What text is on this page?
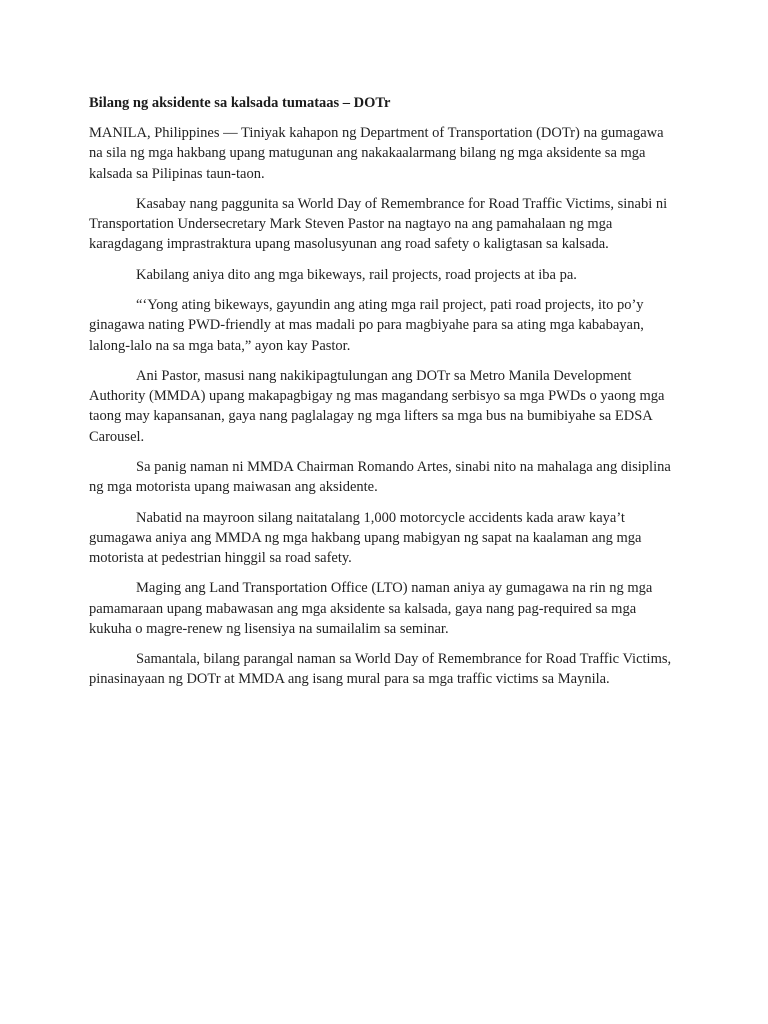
Bilang ng aksidente sa kalsada tumataas – DOTr

MANILA, Philippines — Tiniyak kahapon ng Department of Transportation (DOTr) na gumagawa na sila ng mga hakbang upang matugunan ang nakakaalarmang bilang ng mga aksidente sa mga kalsada sa Pilipinas taun-taon.

Kasabay nang paggunita sa World Day of Remembrance for Road Traffic Victims, sinabi ni Transportation Undersecretary Mark Steven Pastor na nagtayo na ang pamahalaan ng mga karagdagang imprastraktura upang masolusyunan ang road safety o kaligtasan sa kalsada.

Kabilang aniya dito ang mga bikeways, rail projects, road projects at iba pa.

“‘Yong ating bikeways, gayundin ang ating mga rail project, pati road projects, ito po’y ginagawa nating PWD-friendly at mas madali po para magbiyahe para sa ating mga kababayan, lalong-lalo na sa mga bata,” ayon kay Pastor.

Ani Pastor, masusi nang nakikipagtulungan ang DOTr sa Metro Manila Development Authority (MMDA) upang makapagbigay ng mas magandang serbisyo sa mga PWDs o yaong mga taong may kapansanan, gaya nang paglalagay ng mga lifters sa mga bus na bumibiyahe sa EDSA Carousel.

Sa panig naman ni MMDA Chairman Romando Artes, sinabi nito na mahalaga ang disiplina ng mga motorista upang maiwasan ang aksidente.

Nabatid na mayroon silang naitatalang 1,000 motorcycle accidents kada araw kaya’t gumagawa aniya ang MMDA ng mga hakbang upang mabigyan ng sapat na kaalaman ang mga motorista at pedestrian hinggil sa road safety.

Maging ang Land Transportation Office (LTO) naman aniya ay gumagawa na rin ng mga pamamaraan upang mabawasan ang mga aksidente sa kalsada, gaya nang pag-required sa mga kukuha o magre-renew ng lisensiya na sumailalim sa seminar.

Samantala, bilang parangal naman sa World Day of Remembrance for Road Traffic Victims, pinasinayaan ng DOTr at MMDA ang isang mural para sa mga traffic victims sa Maynila.
